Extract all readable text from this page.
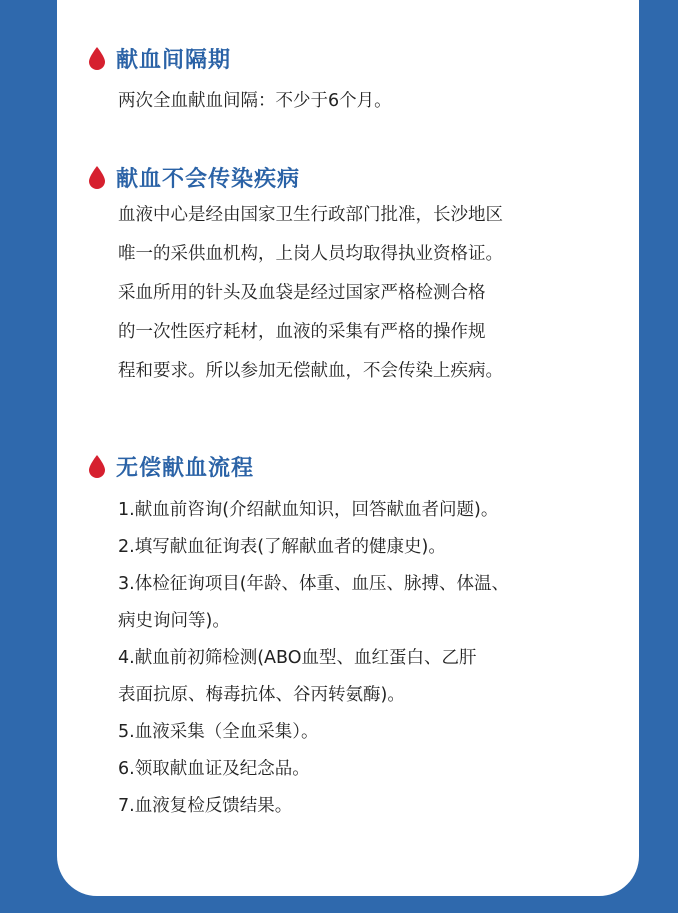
献血间隔期
两次全血献血间隔：不少于6个月。
献血不会传染疾病
血液中心是经由国家卫生行政部门批准，长沙地区
唯一的采供血机构，上岗人员均取得执业资格证。
采血所用的针头及血袋是经过国家严格检测合格
的一次性医疗耗材，血液的采集有严格的操作规
程和要求。所以参加无偿献血，不会传染上疾病。
无偿献血流程
1.献血前咨询(介绍献血知识，回答献血者问题)。
2.填写献血征询表(了解献血者的健康史)。
3.体检征询项目(年龄、体重、血压、脉搏、体温、
病史询问等)。
4.献血前初筛检测(ABO血型、血红蛋白、乙肝
表面抗原、梅毒抗体、谷丙转氨酶)。
5.血液采集（全血采集）。
6.领取献血证及纪念品。
7.血液复检反馈结果。
